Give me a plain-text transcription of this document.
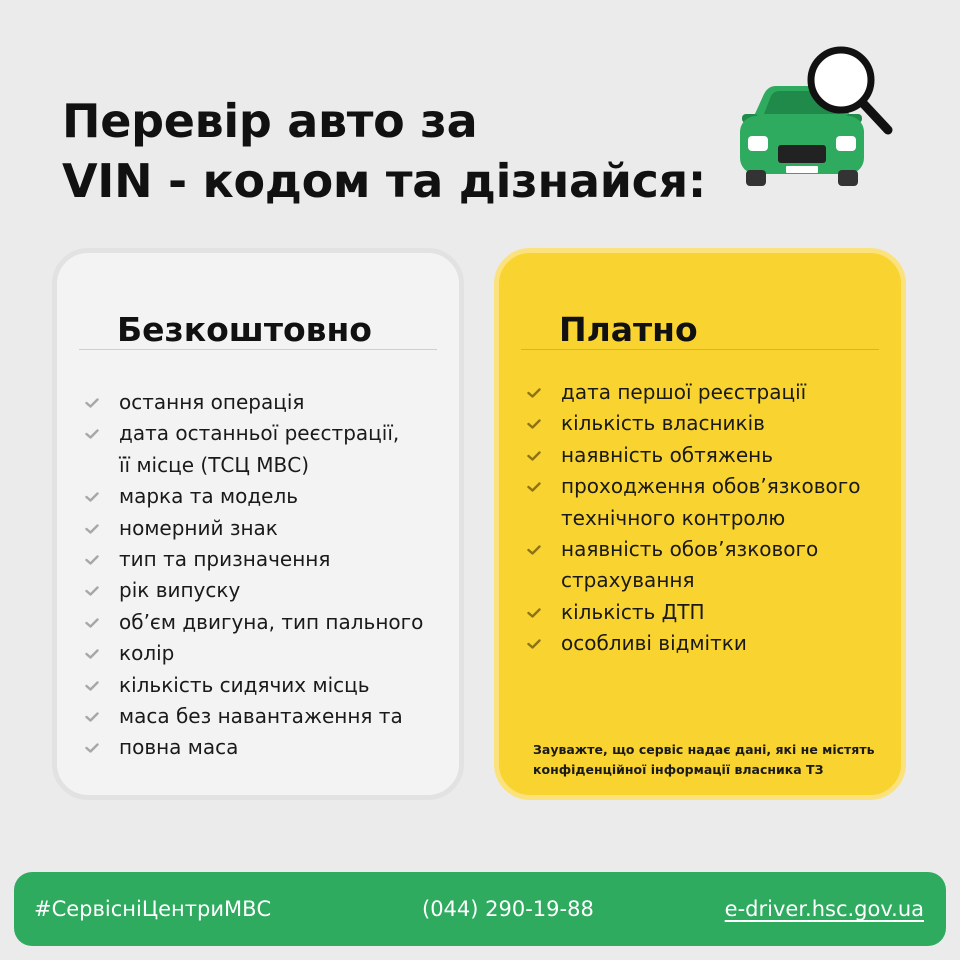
Перевір авто за
VIN - кодом та дізнайся:
Безкоштовно
остання операція
дата останньої реєстрації,
її місце (ТСЦ МВС)
марка та модель
номерний знак
тип та призначення
рік випуску
об’єм двигуна, тип пального
колір
кількість сидячих місць
маса без навантаження та
повна маса
Платно
дата першої реєстрації
кількість власників
наявність обтяжень
проходження обов’язкового
технічного контролю
наявність обов’язкового
страхування
кількість ДТП
особливі відмітки

Зауважте, що сервіс надає дані, які не містять
конфіденційної інформації власника ТЗ

#СервісніЦентриМВС	(044) 290-19-88	e-driver.hsc.gov.ua
